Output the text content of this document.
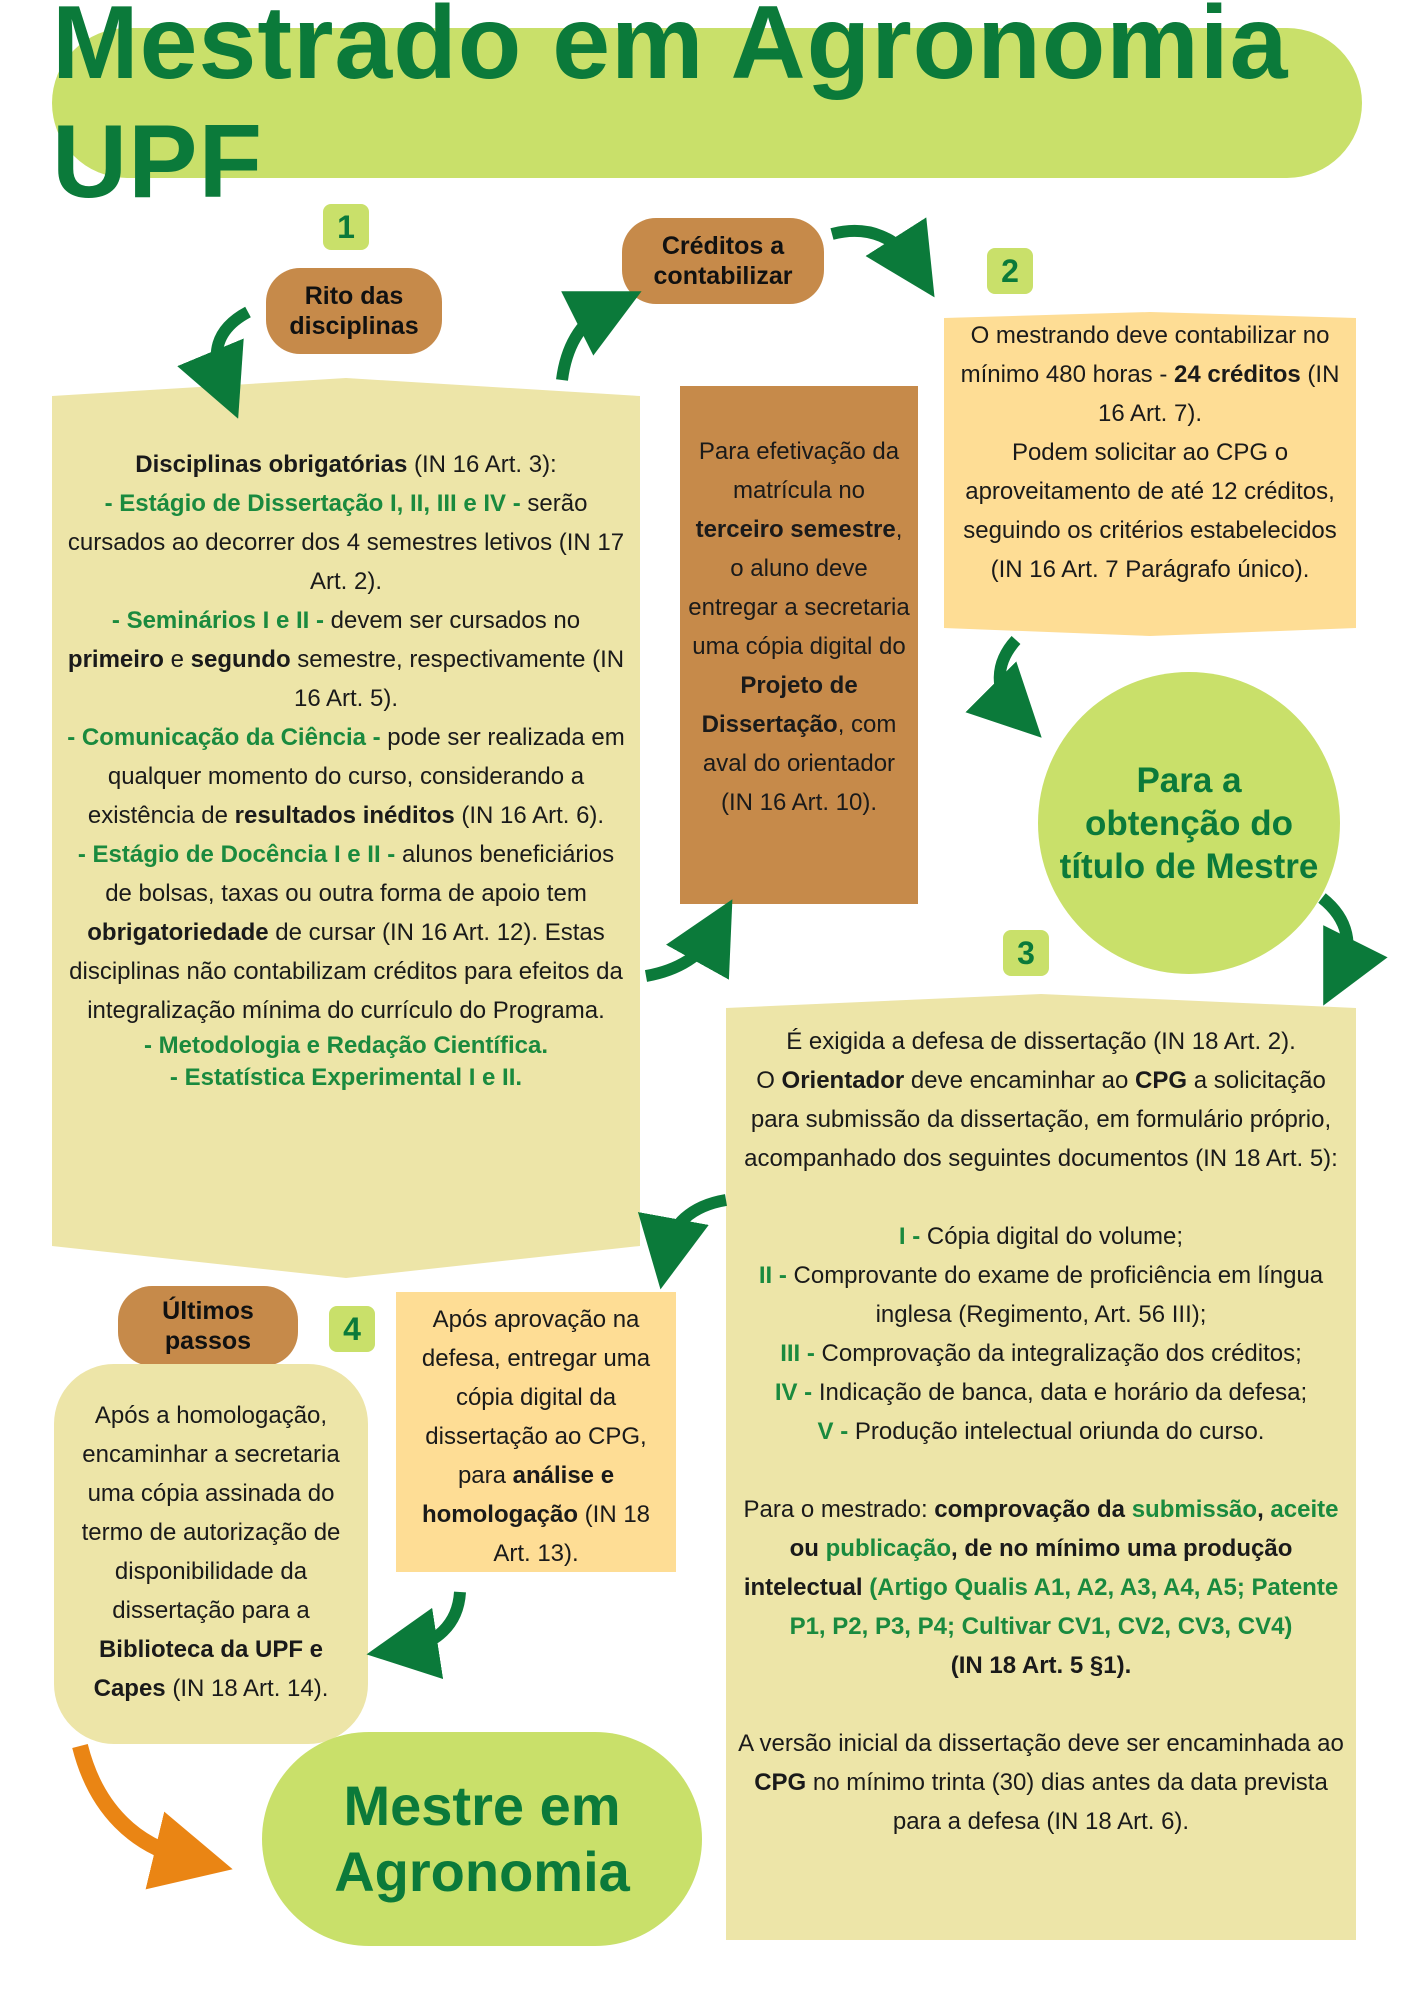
Mestrado em Agronomia UPF
1
2
3
4
Rito das disciplinas
Créditos a contabilizar
Últimos passos
Disciplinas obrigatórias (IN 16 Art. 3):
- Estágio de Dissertação I, II, III e IV - serão cursados ao decorrer dos 4 semestres letivos (IN 17 Art. 2).
- Seminários I e II - devem ser cursados no primeiro e segundo semestre, respectivamente (IN 16 Art. 5).
- Comunicação da Ciência - pode ser realizada em qualquer momento do curso, considerando a existência de resultados inéditos (IN 16 Art. 6).
- Estágio de Docência I e II - alunos beneficiários de bolsas, taxas ou outra forma de apoio tem obrigatoriedade de cursar (IN 16 Art. 12). Estas disciplinas não contabilizam créditos para efeitos da integralização mínima do currículo do Programa.
- Metodologia e Redação Científica.
- Estatística Experimental I e II.
Para efetivação da matrícula no terceiro semestre, o aluno deve entregar a secretaria uma cópia digital do Projeto de Dissertação, com aval do orientador (IN 16 Art. 10).
O mestrando deve contabilizar no mínimo 480 horas - 24 créditos (IN 16 Art. 7).
Podem solicitar ao CPG o aproveitamento de até 12 créditos, seguindo os critérios estabelecidos (IN 16 Art. 7 Parágrafo único).
Para a obtenção do título de Mestre
É exigida a defesa de dissertação (IN 18 Art. 2).
O Orientador deve encaminhar ao CPG a solicitação para submissão da dissertação, em formulário próprio, acompanhado dos seguintes documentos (IN 18 Art. 5):
I - Cópia digital do volume;
II - Comprovante do exame de proficiência em língua inglesa (Regimento, Art. 56 III);
III - Comprovação da integralização dos créditos;
IV - Indicação de banca, data e horário da defesa;
V - Produção intelectual oriunda do curso.
Para o mestrado: comprovação da submissão, aceite ou publicação, de no mínimo uma produção intelectual (Artigo Qualis A1, A2, A3, A4, A5; Patente P1, P2, P3, P4; Cultivar CV1, CV2, CV3, CV4)
(IN 18 Art. 5 §1).
A versão inicial da dissertação deve ser encaminhada ao CPG no mínimo trinta (30) dias antes da data prevista para a defesa (IN 18 Art. 6).
Após aprovação na defesa, entregar uma cópia digital da dissertação ao CPG, para análise e homologação (IN 18 Art. 13).
Após a homologação, encaminhar a secretaria uma cópia assinada do termo de autorização de disponibilidade da dissertação para a Biblioteca da UPF e Capes (IN 18 Art. 14).
Mestre em Agronomia
